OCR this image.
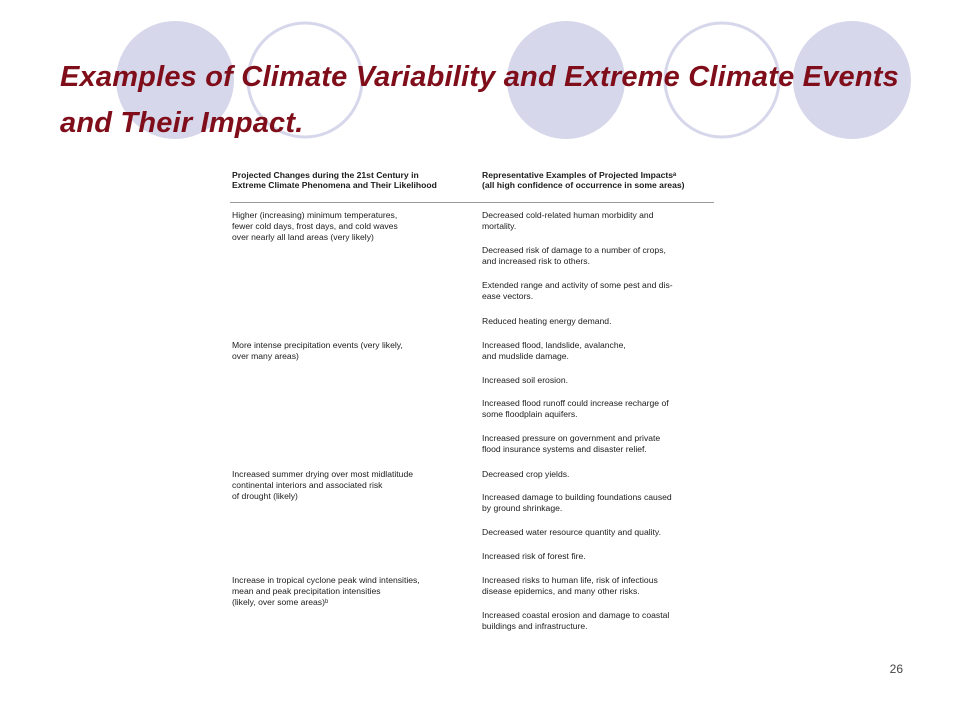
Examples of Climate Variability and Extreme Climate Events and Their Impact.
Projected Changes during the 21st Century in
Extreme Climate Phenomena and Their Likelihood
Representative Examples of Projected Impactsᵃ
(all high confidence of occurrence in some areas)
Higher (increasing) minimum temperatures,
fewer cold days, frost days, and cold waves
over nearly all land areas (very likely)
Decreased cold-related human morbidity and
mortality.
Decreased risk of damage to a number of crops,
and increased risk to others.
Extended range and activity of some pest and dis-
ease vectors.
Reduced heating energy demand.
More intense precipitation events (very likely,
over many areas)
Increased flood, landslide, avalanche,
and mudslide damage.
Increased soil erosion.
Increased flood runoff could increase recharge of
some floodplain aquifers.
Increased pressure on government and private
flood insurance systems and disaster relief.
Increased summer drying over most midlatitude
continental interiors and associated risk
of drought (likely)
Decreased crop yields.
Increased damage to building foundations caused
by ground shrinkage.
Decreased water resource quantity and quality.
Increased risk of forest fire.
Increase in tropical cyclone peak wind intensities,
mean and peak precipitation intensities
(likely, over some areas)ᵇ
Increased risks to human life, risk of infectious
disease epidemics, and many other risks.
Increased coastal erosion and damage to coastal
buildings and infrastructure.
26
